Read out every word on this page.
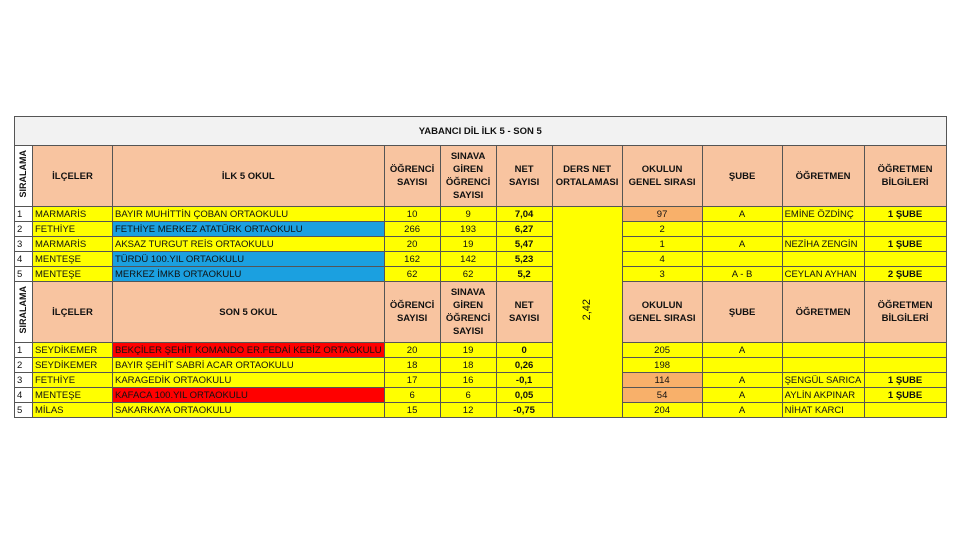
YABANCI DİL İLK 5 - SON 5										
SIRALAMA	İLÇELER	İLK 5 OKUL	ÖĞRENCİ SAYISI	SINAVA GİREN ÖĞRENCİ SAYISI	NET SAYISI	DERS NET ORTALAMASI	OKULUN GENEL SIRASI	ŞUBE	ÖĞRETMEN	ÖĞRETMEN BİLGİLERİ
1	MARMARİS	BAYIR MUHİTTİN ÇOBAN ORTAOKULU	10	9	7,04	2,42	97	A	EMİNE ÖZDİNÇ	1 ŞUBE
2	FETHİYE	FETHİYE MERKEZ ATATÜRK ORTAOKULU	266	193	6,27		2			
3	MARMARİS	AKSAZ TURGUT REİS ORTAOKULU	20	19	5,47		1	A	NEZİHA ZENGİN	1 ŞUBE
4	MENTEŞE	TÜRDÜ 100.YIL ORTAOKULU	162	142	5,23		4			
5	MENTEŞE	MERKEZ İMKB ORTAOKULU	62	62	5,2		3	A - B	CEYLAN AYHAN	2 ŞUBE
SIRALAMA	İLÇELER	SON 5 OKUL	ÖĞRENCİ SAYISI	SINAVA GİREN ÖĞRENCİ SAYISI	NET SAYISI		OKULUN GENEL SIRASI	ŞUBE	ÖĞRETMEN	ÖĞRETMEN BİLGİLERİ
1	SEYDİKEMER	BEKÇİLER ŞEHİT KOMANDO ER.FEDAİ KEBİZ ORTAOKULU	20	19	0		205	A		
2	SEYDİKEMER	BAYIR ŞEHİT SABRİ ACAR ORTAOKULU	18	18	0,26		198			
3	FETHİYE	KARAGEDİK ORTAOKULU	17	16	-0,1		114	A	ŞENGÜL SARICA	1 ŞUBE
4	MENTEŞE	KAFACA 100.YIL ORTAOKULU	6	6	0,05		54	A	AYLİN AKPINAR	1 ŞUBE
5	MİLAS	SAKARKAYA ORTAOKULU	15	12	-0,75		204	A	NİHAT KARCI	
